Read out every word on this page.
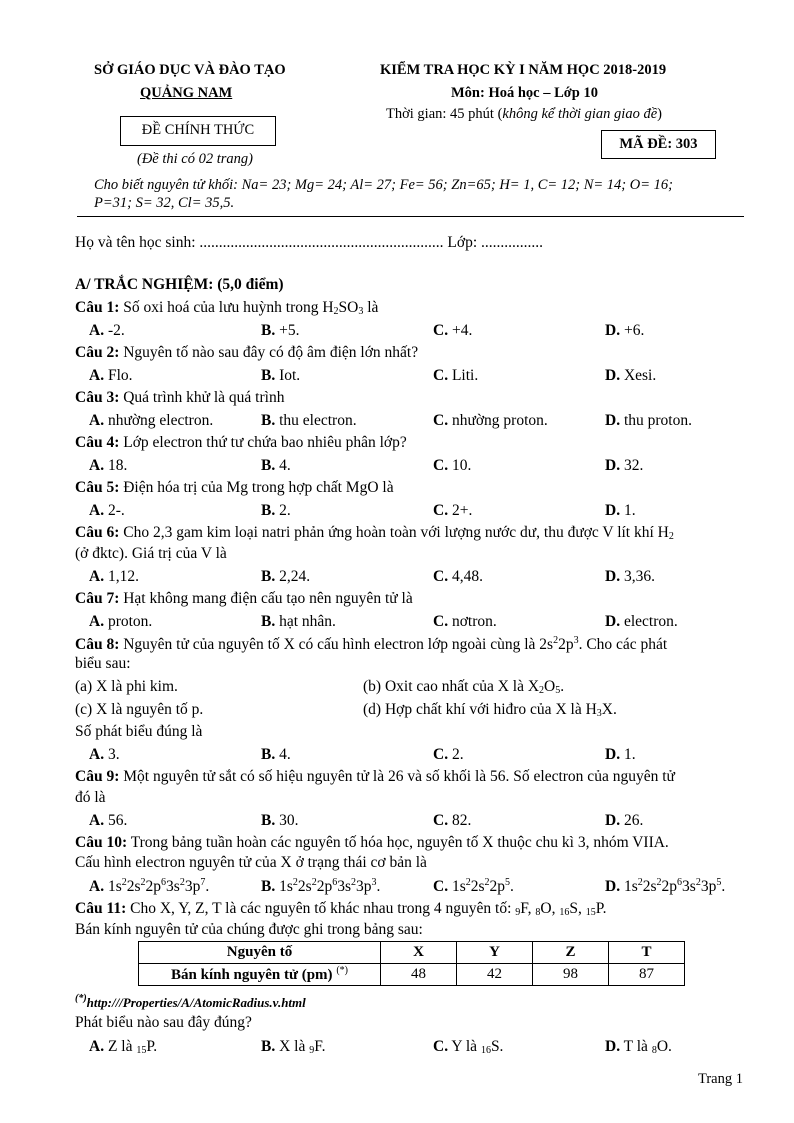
SỞ GIÁO DỤC VÀ ĐÀO TẠO
QUẢNG NAM
ĐỀ CHÍNH THỨC
(Đề thi có 02 trang)
KIỂM TRA HỌC KỲ I NĂM HỌC 2018-2019
Môn: Hoá học – Lớp 10
Thời gian: 45 phút (không kể thời gian giao đề)
MÃ ĐỀ: 303
Cho biết nguyên tử khối: Na= 23; Mg= 24; Al= 27; Fe= 56; Zn=65; H= 1, C= 12; N= 14; O= 16;
P=31; S= 32, Cl= 35,5.
Họ và tên học sinh: ............................................................... Lớp: ................
A/ TRẮC NGHIỆM: (5,0 điểm)
Câu 1: Số oxi hoá của lưu huỳnh trong $H_2SO_3$ là
A. -2.	B. +5.	C. +4.	D. +6.
Câu 2: Nguyên tố nào sau đây có độ âm điện lớn nhất?
A. Flo.	B. Iot.	C. Liti.	D. Xesi.
Câu 3: Quá trình khử là quá trình
A. nhường electron.	B. thu electron.	C. nhường proton.	D. thu proton.
Câu 4: Lớp electron thứ tư chứa bao nhiêu phân lớp?
A. 18.	B. 4.	C. 10.	D. 32.
Câu 5: Điện hóa trị của Mg trong hợp chất MgO là
A. 2-.	B. 2.	C. 2+.	D. 1.
Câu 6: Cho 2,3 gam kim loại natri phản ứng hoàn toàn với lượng nước dư, thu được V lít khí $H_2$
(ở đktc). Giá trị của V là
A. 1,12.	B. 2,24.	C. 4,48.	D. 3,36.
Câu 7: Hạt không mang điện cấu tạo nên nguyên tử là
A. proton.	B. hạt nhân.	C. nơtron.	D. electron.
Câu 8: Nguyên tử của nguyên tố X có cấu hình electron lớp ngoài cùng là $2s^22p^3$. Cho các phát
biểu sau:
(a) X là phi kim.	(b) Oxit cao nhất của X là $X_2O_5$.
(c) X là nguyên tố p.	(d) Hợp chất khí với hiđro của X là $H_3X$.
Số phát biểu đúng là
A. 3.	B. 4.	C. 2.	D. 1.
Câu 9: Một nguyên tử sắt có số hiệu nguyên tử là 26 và số khối là 56. Số electron của nguyên tử
đó là
A. 56.	B. 30.	C. 82.	D. 26.
Câu 10: Trong bảng tuần hoàn các nguyên tố hóa học, nguyên tố X thuộc chu kì 3, nhóm VIIA.
Cấu hình electron nguyên tử của X ở trạng thái cơ bản là
A. $1s^22s^22p^63s^23p^7$.	B. $1s^22s^22p^63s^23p^3$.	C. $1s^22s^22p^5$.	D. $1s^22s^22p^63s^23p^5$.
Câu 11: Cho X, Y, Z, T là các nguyên tố khác nhau trong 4 nguyên tố: $_9$F, $_8$O, $_{16}$S, $_{15}$P.
Bán kính nguyên tử của chúng được ghi trong bảng sau:
Nguyên tố	X	Y	Z	T
Bán kính nguyên tử (pm) (*)	48	42	98	87
(*)http:///Properties/A/AtomicRadius.v.html
Phát biểu nào sau đây đúng?
A. Z là $_{15}$P.	B. X là $_9$F.	C. Y là $_{16}$S.	D. T là $_8$O.
Trang 1
